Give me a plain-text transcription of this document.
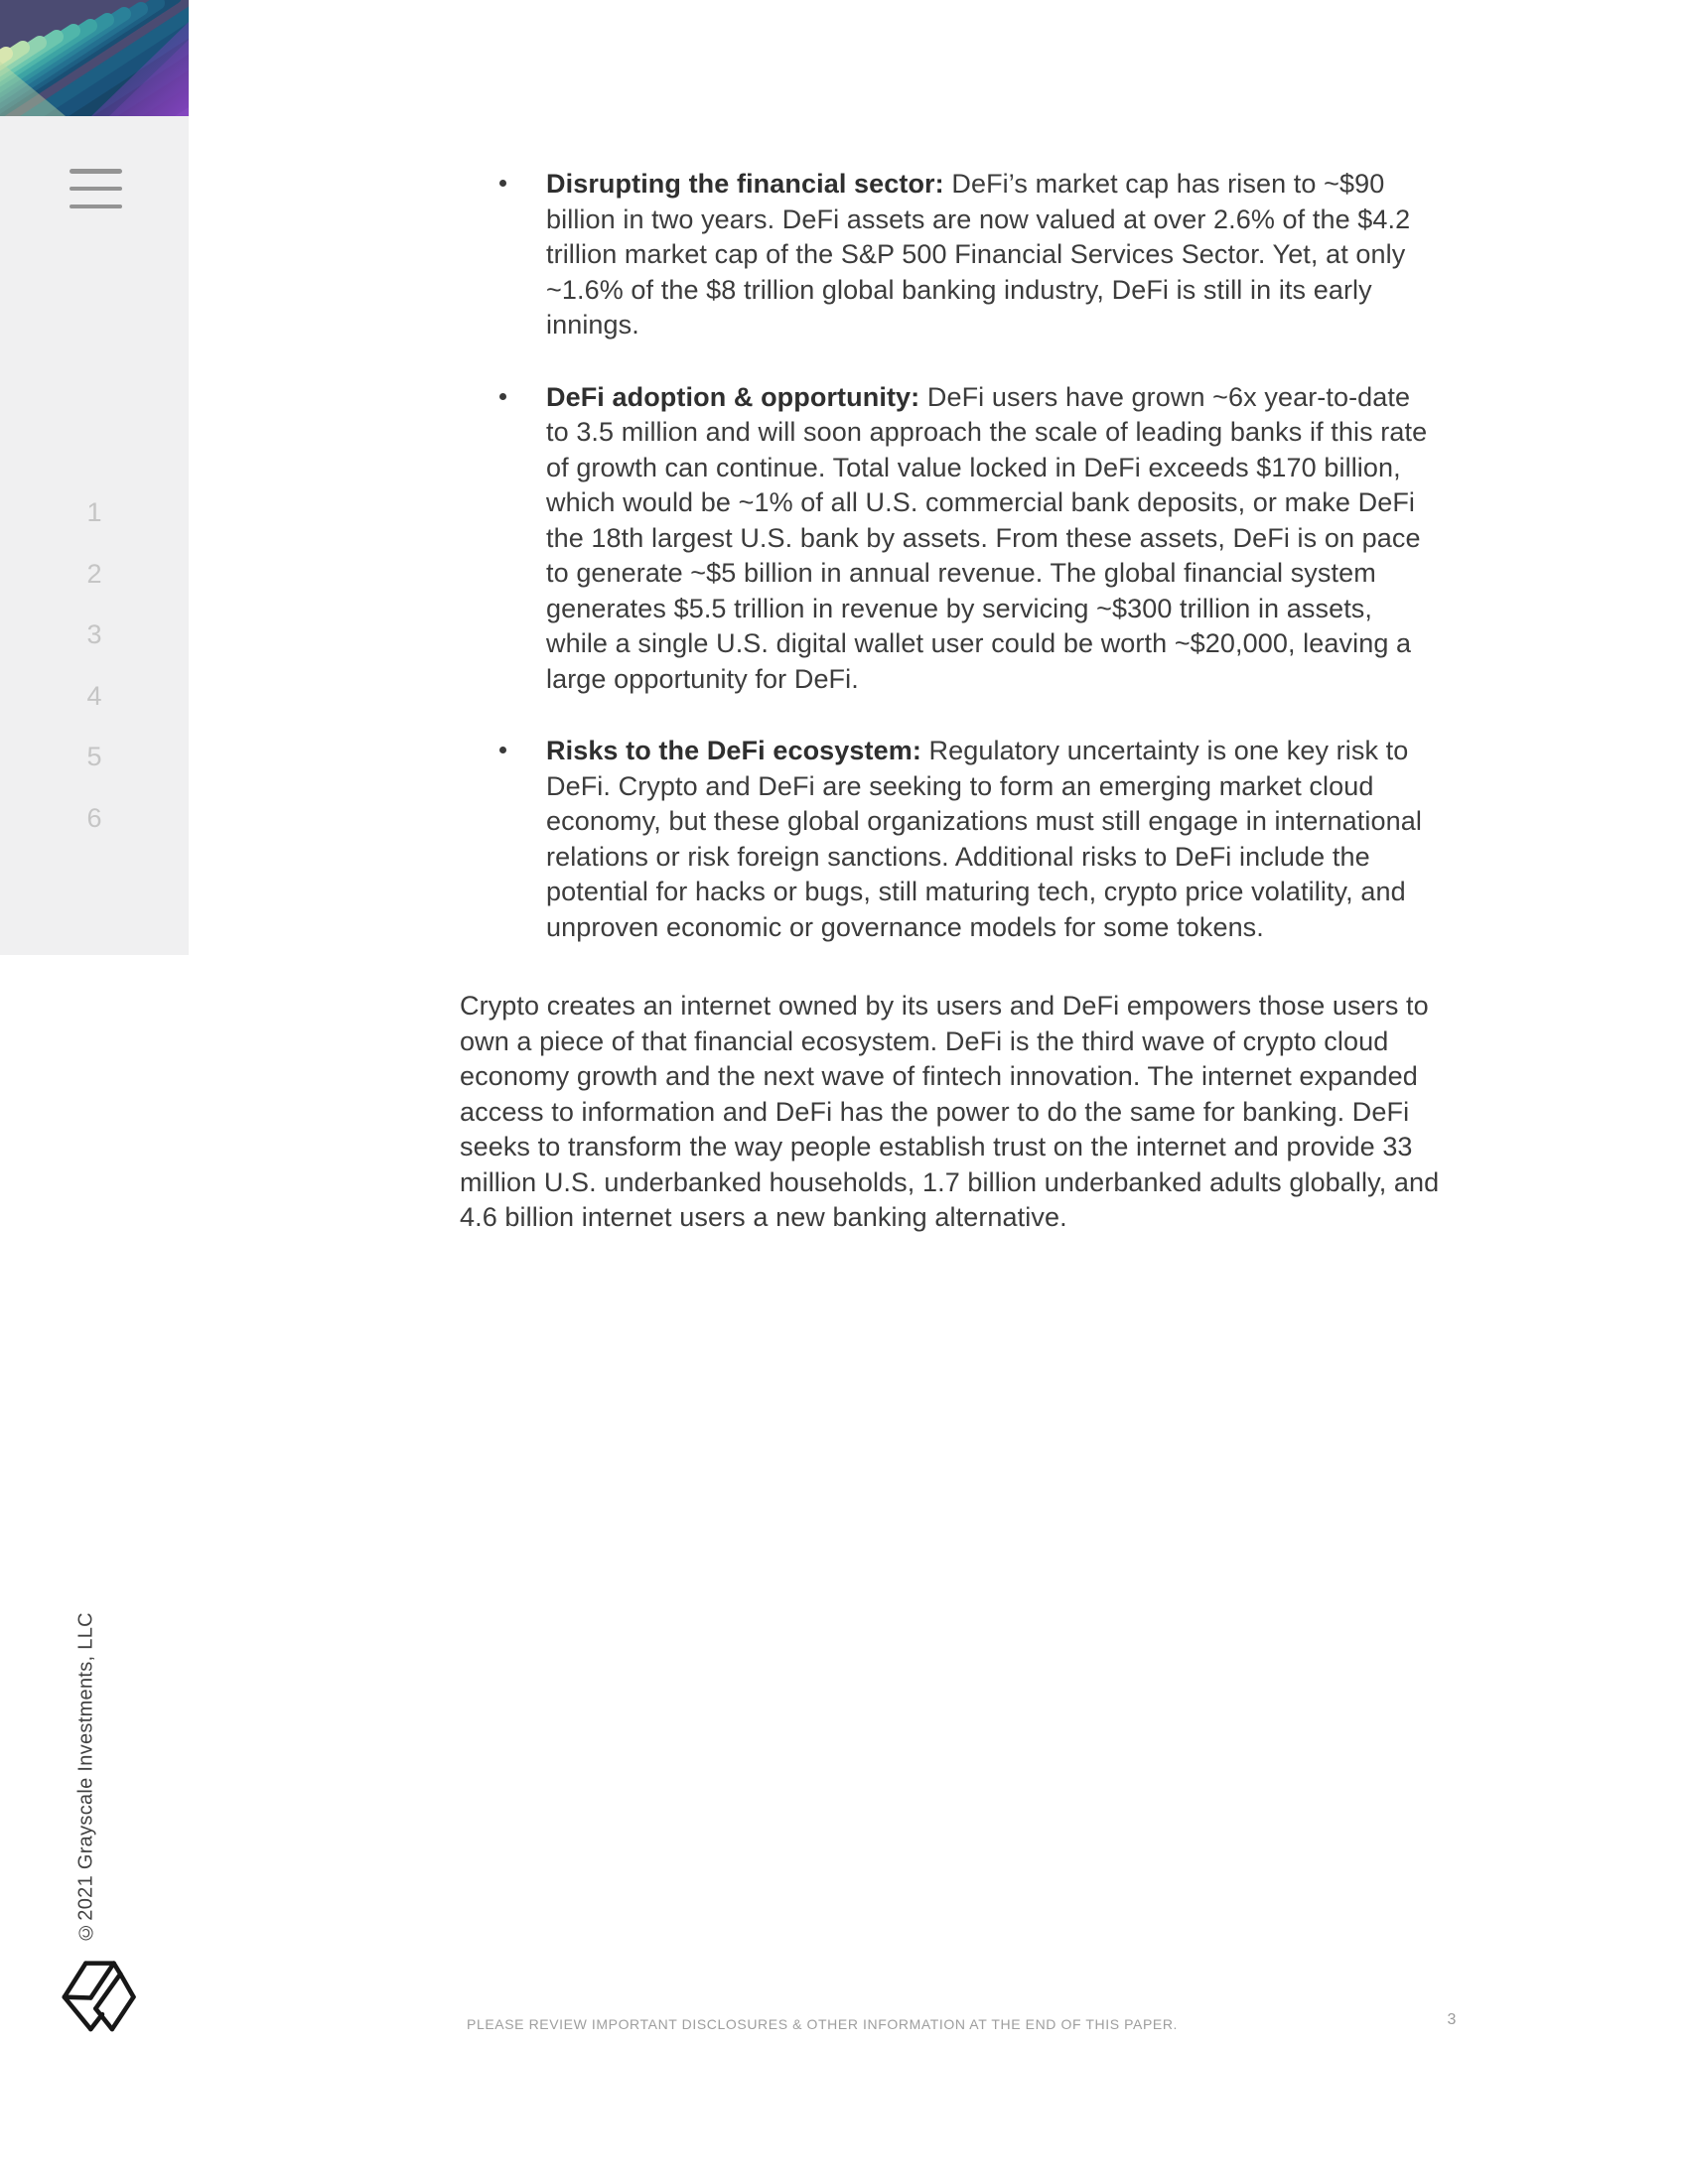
1
2
3
4
5
6
Disrupting the financial sector: DeFi’s market cap has risen to ~$90 billion in two years. DeFi assets are now valued at over 2.6% of the $4.2 trillion market cap of the S&P 500 Financial Services Sector. Yet, at only ~1.6% of the $8 trillion global banking industry, DeFi is still in its early innings.
DeFi adoption & opportunity: DeFi users have grown ~6x year-to-date to 3.5 million and will soon approach the scale of leading banks if this rate of growth can continue. Total value locked in DeFi exceeds $170 billion, which would be ~1% of all U.S. commercial bank deposits, or make DeFi the 18th largest U.S. bank by assets. From these assets, DeFi is on pace to generate ~$5 billion in annual revenue. The global financial system generates $5.5 trillion in revenue by servicing ~$300 trillion in assets, while a single U.S. digital wallet user could be worth ~$20,000, leaving a large opportunity for DeFi.
Risks to the DeFi ecosystem: Regulatory uncertainty is one key risk to DeFi. Crypto and DeFi are seeking to form an emerging market cloud economy, but these global organizations must still engage in international relations or risk foreign sanctions. Additional risks to DeFi include the potential for hacks or bugs, still maturing tech, crypto price volatility, and unproven economic or governance models for some tokens.

Crypto creates an internet owned by its users and DeFi empowers those users to own a piece of that financial ecosystem. DeFi is the third wave of crypto cloud economy growth and the next wave of fintech innovation. The internet expanded access to information and DeFi has the power to do the same for banking. DeFi seeks to transform the way people establish trust on the internet and provide 33 million U.S. underbanked households, 1.7 billion underbanked adults globally, and 4.6 billion internet users a new banking alternative.

©2021 Grayscale Investments, LLC
PLEASE REVIEW IMPORTANT DISCLOSURES & OTHER INFORMATION AT THE END OF THIS PAPER.	3
